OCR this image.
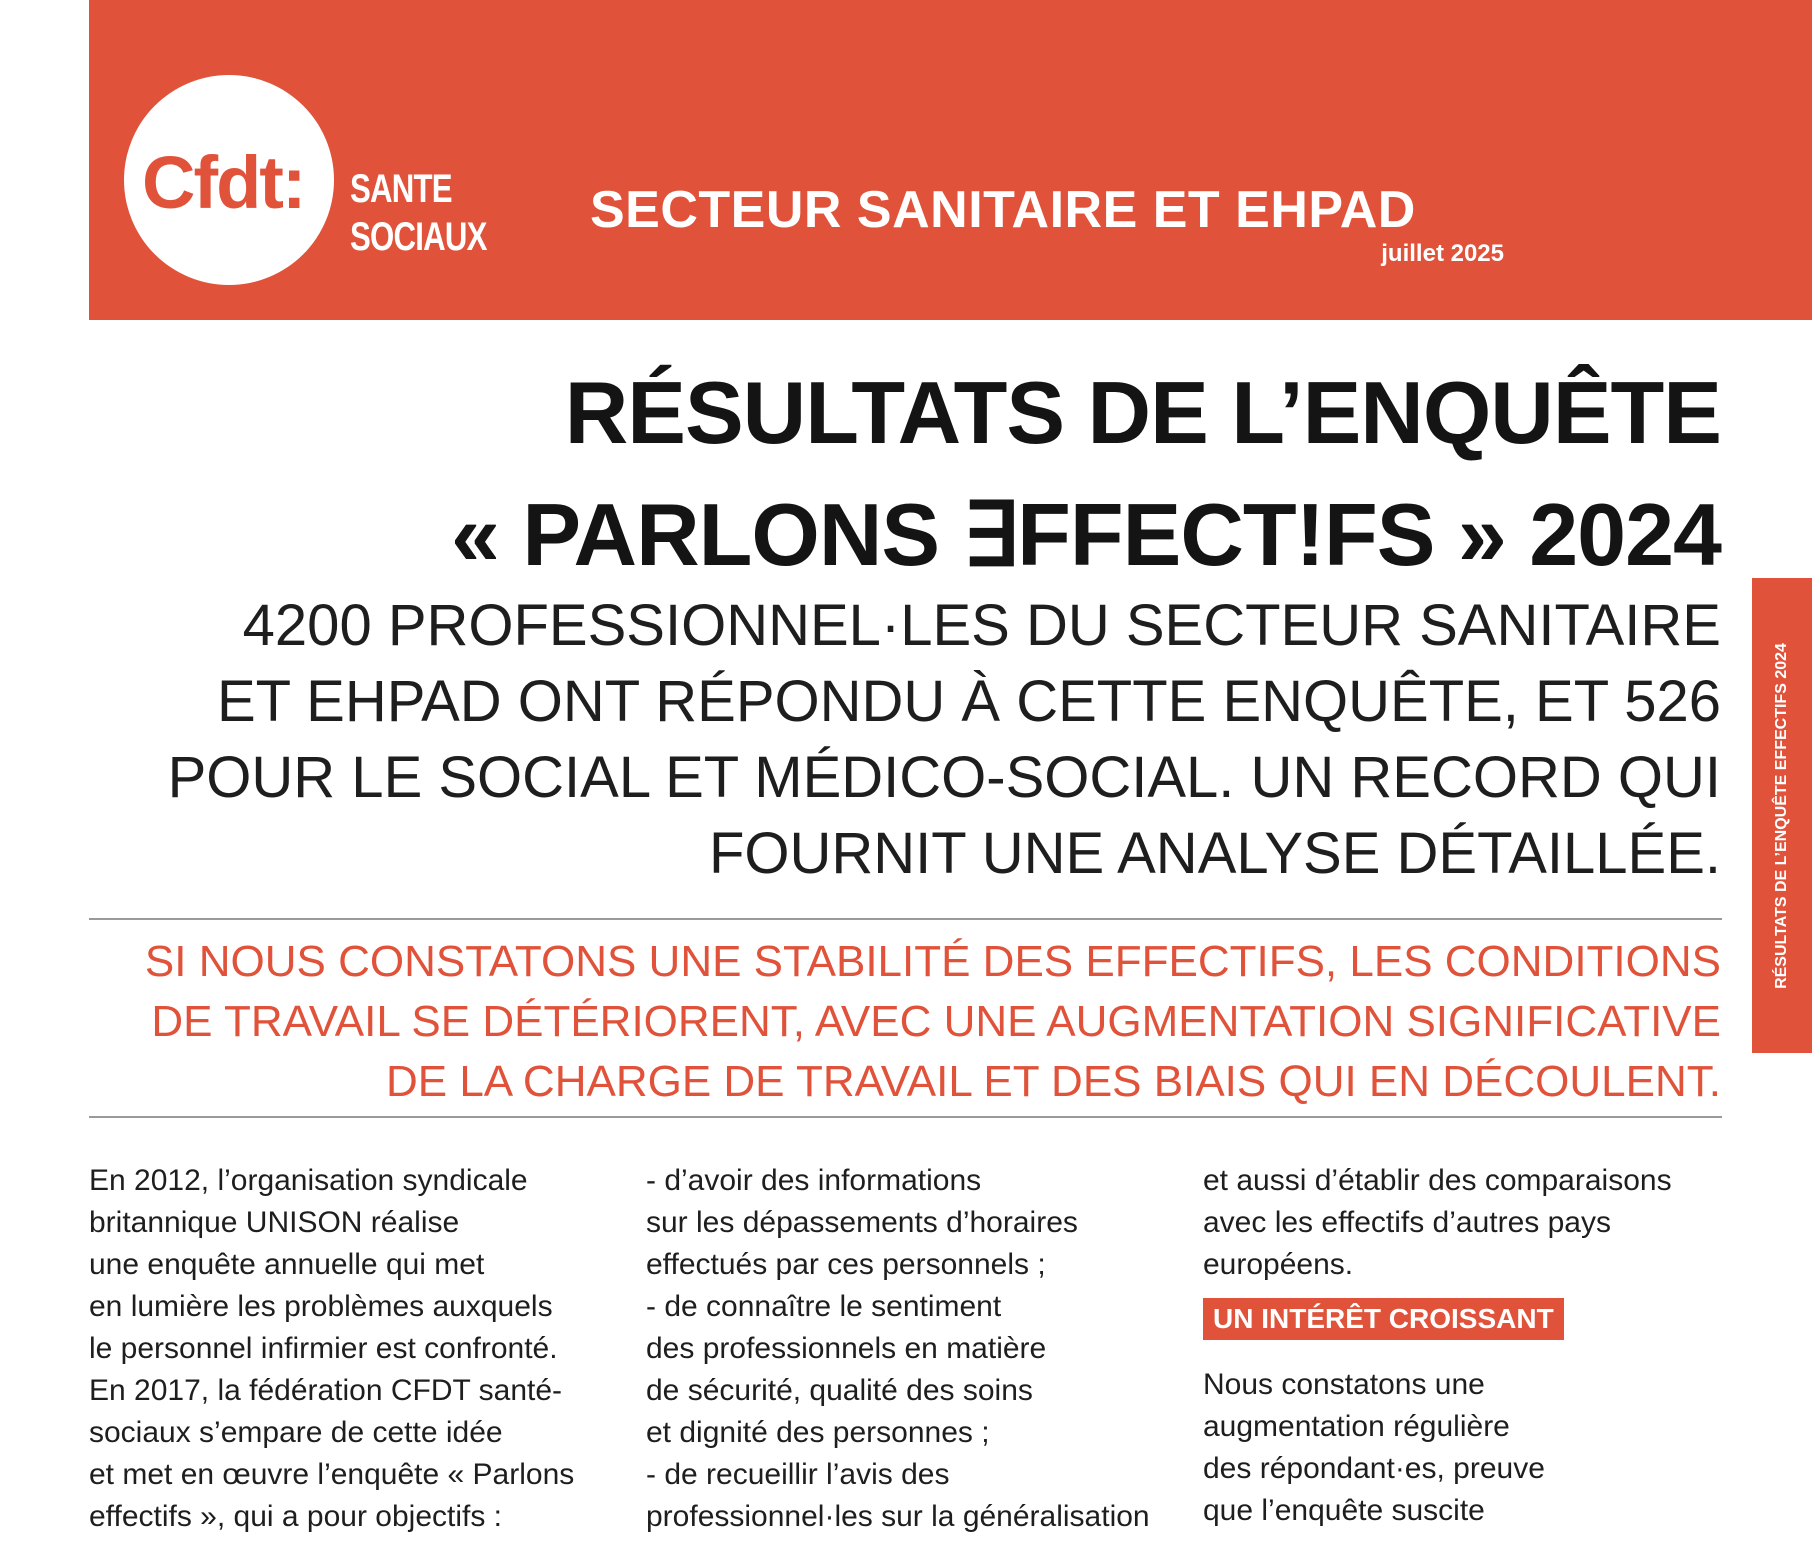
Cfdt: SANTE
SOCIAUX SECTEUR SANITAIRE ET EHPAD
juillet 2025
RÉSULTATS DE L’ENQUÊTE
« PARLONS ∃FFECT!FS » 2024
4200 PROFESSIONNEL·LES DU SECTEUR SANITAIRE
ET EHPAD ONT RÉPONDU À CETTE ENQUÊTE, ET 526
POUR LE SOCIAL ET MÉDICO-SOCIAL. UN RECORD QUI
FOURNIT UNE ANALYSE DÉTAILLÉE.
SI NOUS CONSTATONS UNE STABILITÉ DES EFFECTIFS, LES CONDITIONS
DE TRAVAIL SE DÉTÉRIORENT, AVEC UNE AUGMENTATION SIGNIFICATIVE
DE LA CHARGE DE TRAVAIL ET DES BIAIS QUI EN DÉCOULENT.
RÉSULTATS DE L’ENQUÊTE EFFECTIFS 2024

En 2012, l’organisation syndicale

britannique UNISON réalise

une enquête annuelle qui met

en lumière les problèmes auxquels

le personnel infirmier est confronté.

En 2017, la fédération CFDT santé-

sociaux s’empare de cette idée

et met en œuvre l’enquête « Parlons

effectifs », qui a pour objectifs :

- d’avoir des informations

sur les dépassements d’horaires

effectués par ces personnels ;

- de connaître le sentiment

des professionnels en matière

de sécurité, qualité des soins

et dignité des personnes ;

- de recueillir l’avis des

professionnel·les sur la généralisation

et aussi d’établir des comparaisons

avec les effectifs d’autres pays

européens.

UN INTÉRÊT CROISSANT

Nous constatons une

augmentation régulière

des répondant·es, preuve

que l’enquête suscite
